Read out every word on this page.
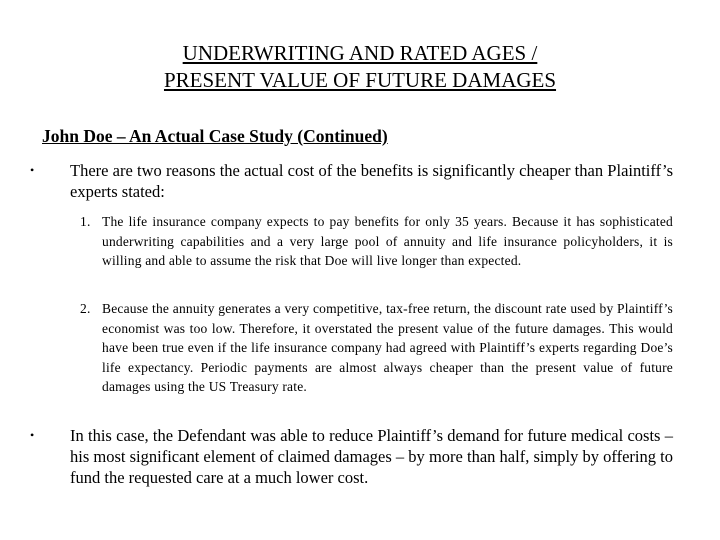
UNDERWRITING AND RATED AGES /
PRESENT VALUE OF FUTURE DAMAGES
John Doe – An Actual Case Study (Continued)
•	There are two reasons the actual cost of the benefits is significantly cheaper than Plaintiff’s experts stated:
1. The life insurance company expects to pay benefits for only 35 years. Because it has sophisticated underwriting capabilities and a very large pool of annuity and life insurance policyholders, it is willing and able to assume the risk that Doe will live longer than expected.
2. Because the annuity generates a very competitive, tax-free return, the discount rate used by Plaintiff’s economist was too low. Therefore, it overstated the present value of the future damages. This would have been true even if the life insurance company had agreed with Plaintiff’s experts regarding Doe’s life expectancy. Periodic payments are almost always cheaper than the present value of future damages using the US Treasury rate.
•	In this case, the Defendant was able to reduce Plaintiff’s demand for future medical costs – his most significant element of claimed damages – by more than half, simply by offering to fund the requested care at a much lower cost.
